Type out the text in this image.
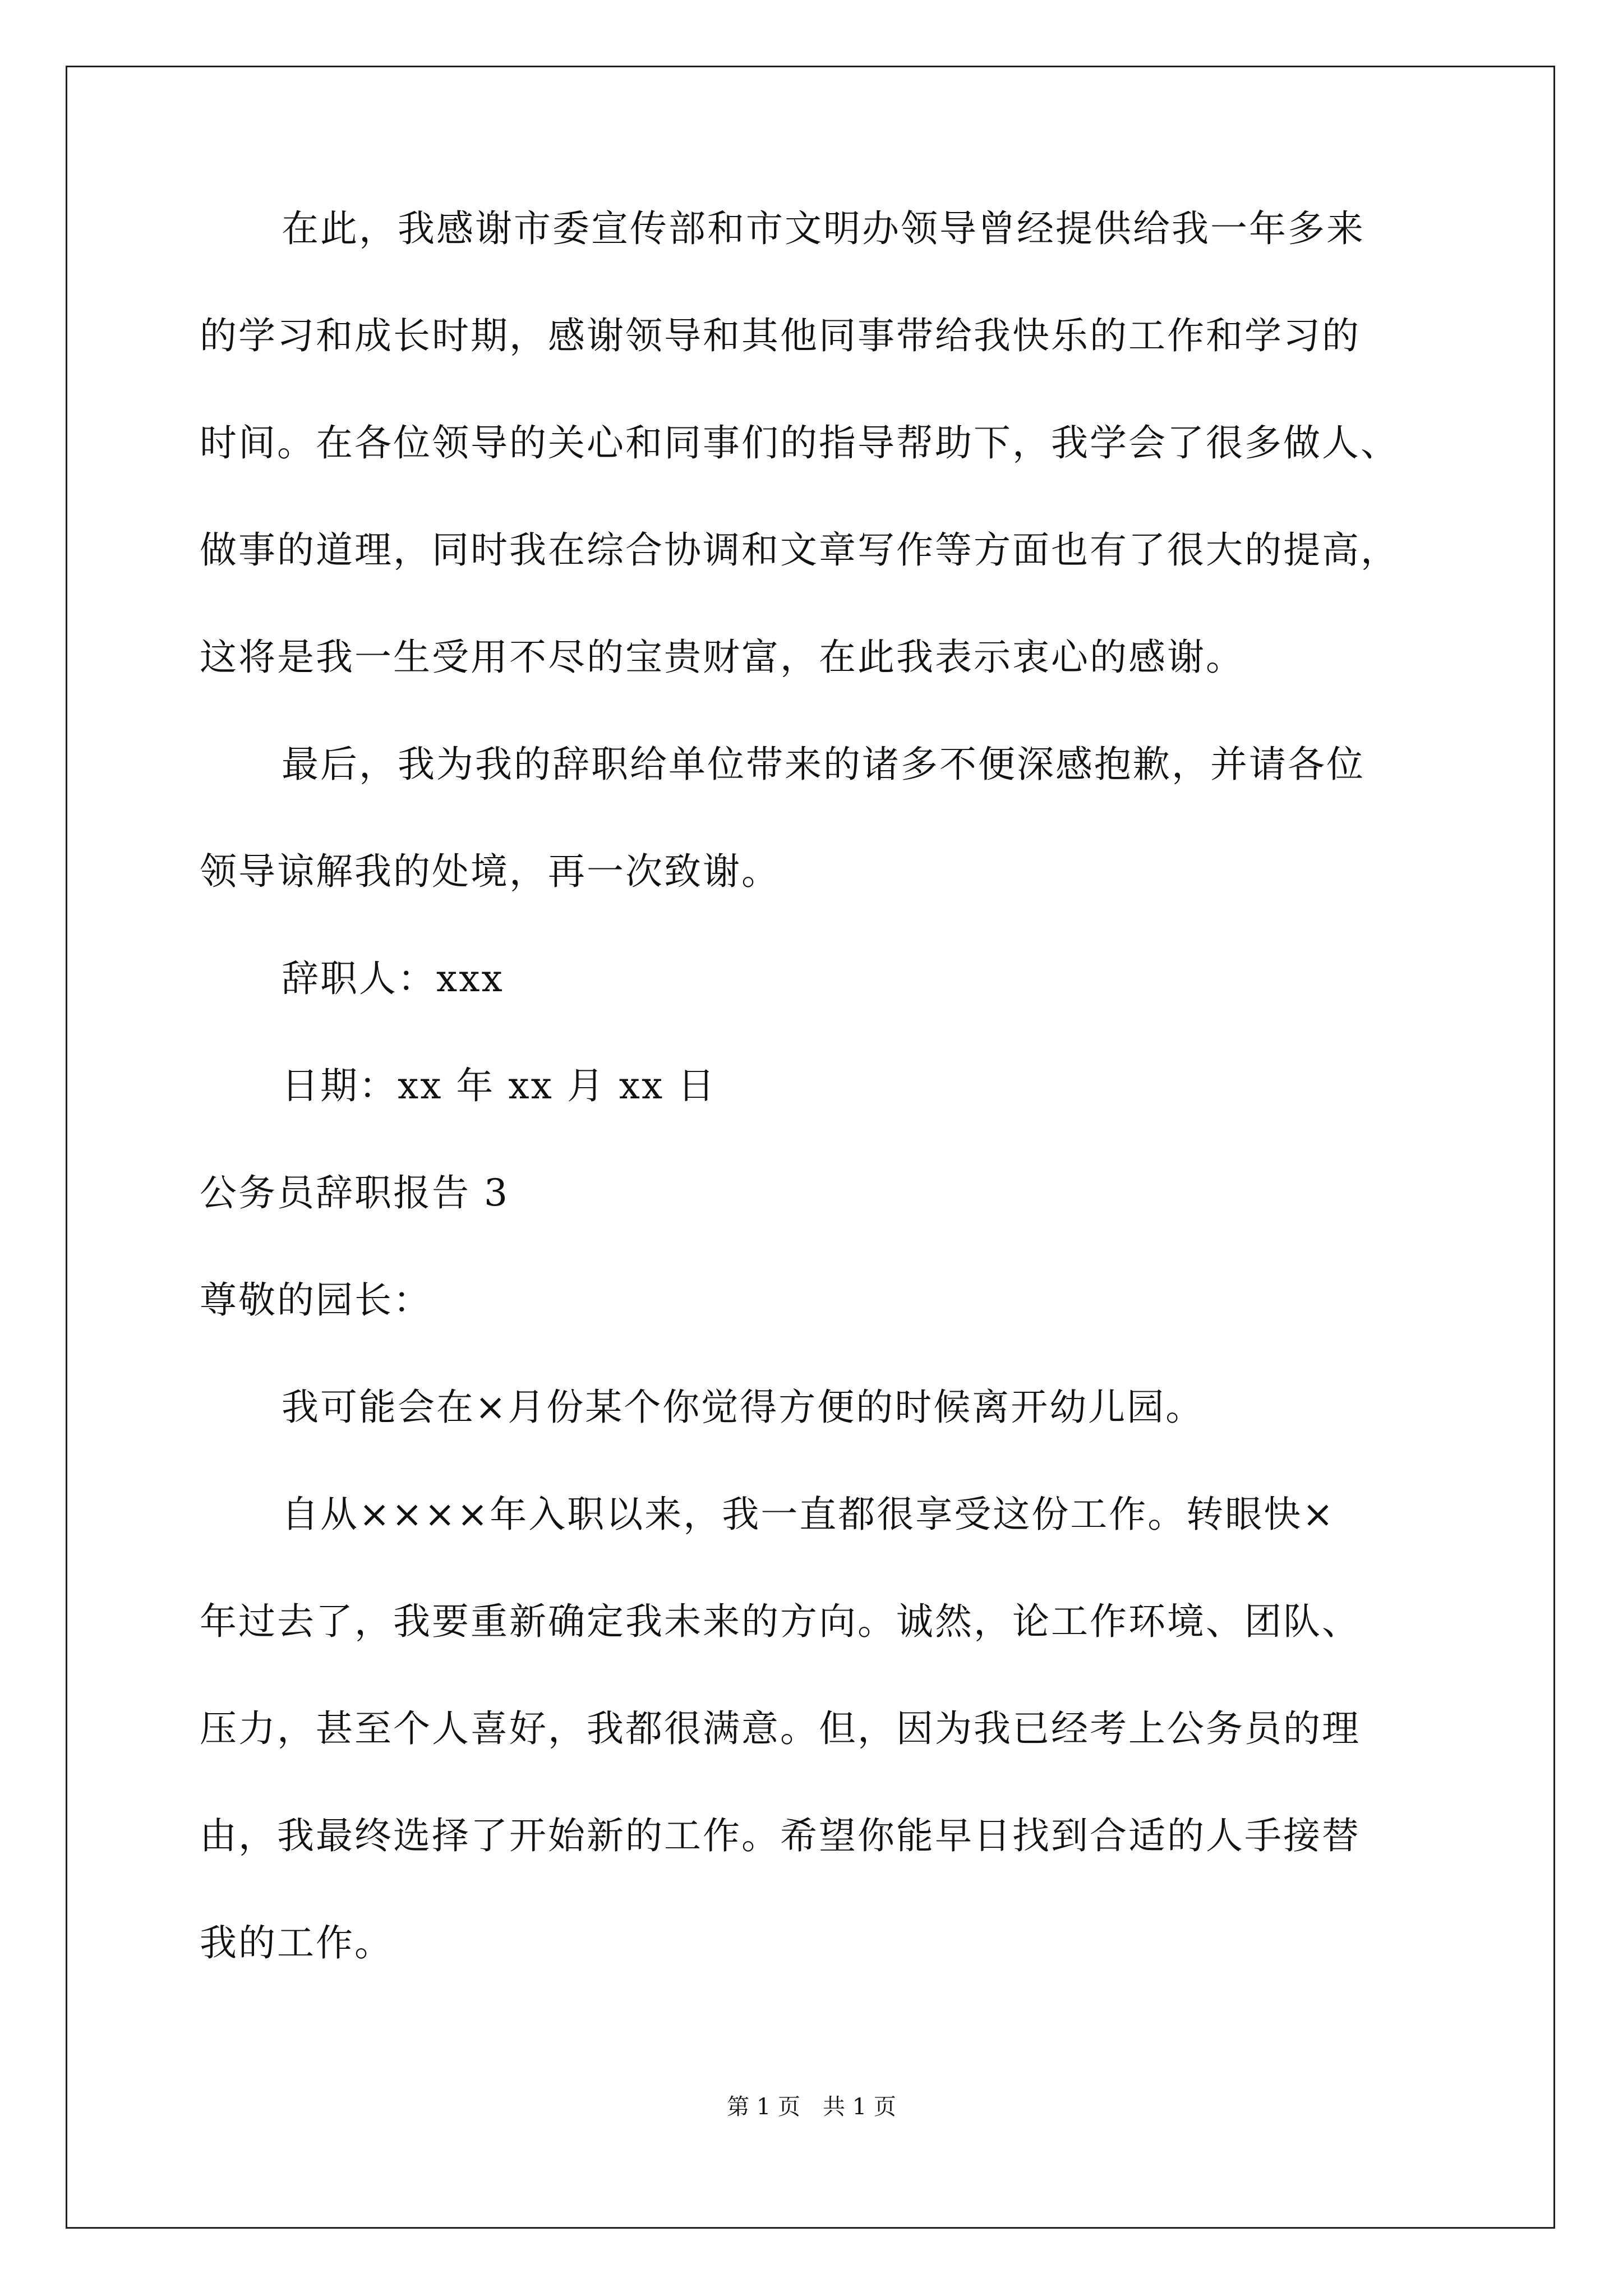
在此，我感谢市委宣传部和市文明办领导曾经提供给我一年多来
的学习和成长时期，感谢领导和其他同事带给我快乐的工作和学习的
时间。在各位领导的关心和同事们的指导帮助下，我学会了很多做人、
做事的道理，同时我在综合协调和文章写作等方面也有了很大的提高，
这将是我一生受用不尽的宝贵财富，在此我表示衷心的感谢。
最后，我为我的辞职给单位带来的诸多不便深感抱歉，并请各位
领导谅解我的处境，再一次致谢。
辞职人：xxx
日期：xx 年 xx 月 xx 日
公务员辞职报告 3
尊敬的园长：
我可能会在×月份某个你觉得方便的时候离开幼儿园。
自从××××年入职以来，我一直都很享受这份工作。转眼快×
年过去了，我要重新确定我未来的方向。诚然，论工作环境、团队、
压力，甚至个人喜好，我都很满意。但，因为我已经考上公务员的理
由，我最终选择了开始新的工作。希望你能早日找到合适的人手接替
我的工作。
第 1 页　共 1 页
